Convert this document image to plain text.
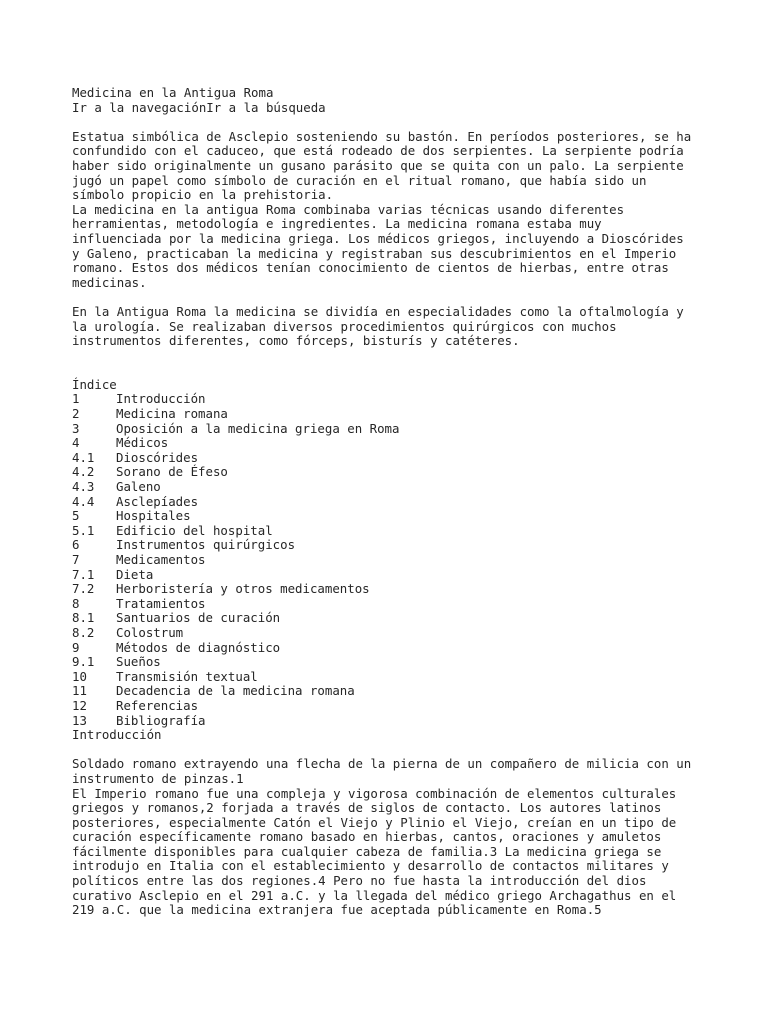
Medicina en la Antigua Roma
Ir a la navegaciónIr a la búsqueda
Estatua simbólica de Asclepio sosteniendo su bastón. En períodos posteriores, se ha
confundido con el caduceo, que está rodeado de dos serpientes. La serpiente podría
haber sido originalmente un gusano parásito que se quita con un palo. La serpiente
jugó un papel como símbolo de curación en el ritual romano, que había sido un
símbolo propicio en la prehistoria.
La medicina en la antigua Roma combinaba varias técnicas usando diferentes
herramientas, metodología e ingredientes. La medicina romana estaba muy
influenciada por la medicina griega. Los médicos griegos, incluyendo a Dioscórides
y Galeno, practicaban la medicina y registraban sus descubrimientos en el Imperio
romano. Estos dos médicos tenían conocimiento de cientos de hierbas, entre otras
medicinas.
En la Antigua Roma la medicina se dividía en especialidades como la oftalmología y
la urología. Se realizaban diversos procedimientos quirúrgicos con muchos
instrumentos diferentes, como fórceps, bisturís y catéteres.
Índice
1	Introducción
2	Medicina romana
3	Oposición a la medicina griega en Roma
4	Médicos
4.1	Dioscórides
4.2	Sorano de Éfeso
4.3	Galeno
4.4	Asclepíades
5	Hospitales
5.1	Edificio del hospital
6	Instrumentos quirúrgicos
7	Medicamentos
7.1	Dieta
7.2	Herboristería y otros medicamentos
8	Tratamientos
8.1	Santuarios de curación
8.2	Colostrum
9	Métodos de diagnóstico
9.1	Sueños
10	Transmisión textual
11	Decadencia de la medicina romana
12	Referencias
13	Bibliografía
Introducción
Soldado romano extrayendo una flecha de la pierna de un compañero de milicia con un
instrumento de pinzas.1
El Imperio romano fue una compleja y vigorosa combinación de elementos culturales
griegos y romanos,2 forjada a través de siglos de contacto. Los autores latinos
posteriores, especialmente Catón el Viejo y Plinio el Viejo, creían en un tipo de
curación específicamente romano basado en hierbas, cantos, oraciones y amuletos
fácilmente disponibles para cualquier cabeza de familia.3 La medicina griega se
introdujo en Italia con el establecimiento y desarrollo de contactos militares y
políticos entre las dos regiones.4 Pero no fue hasta la introducción del dios
curativo Asclepio en el 291 a.C. y la llegada del médico griego Archagathus en el
219 a.C. que la medicina extranjera fue aceptada públicamente en Roma.5
